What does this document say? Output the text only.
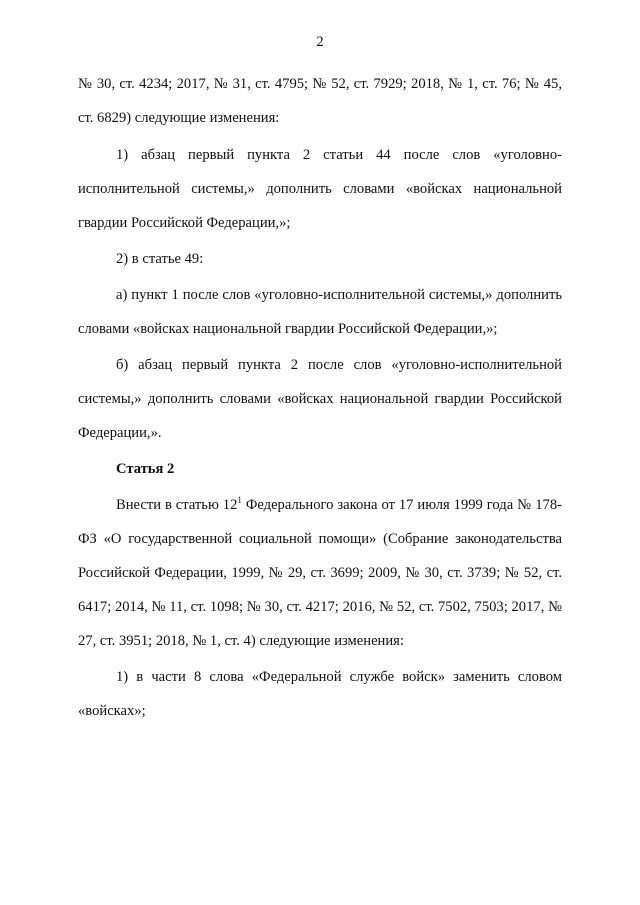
2

№ 30, ст. 4234; 2017, № 31, ст. 4795; № 52, ст. 7929; 2018, № 1, ст. 76; № 45, ст. 6829) следующие изменения:

1) абзац первый пункта 2 статьи 44 после слов «уголовно-исполнительной системы,» дополнить словами «войсках национальной гвардии Российской Федерации,»;

2) в статье 49:

а) пункт 1 после слов «уголовно-исполнительной системы,» дополнить словами «войсках национальной гвардии Российской Федерации,»;

б) абзац первый пункта 2 после слов «уголовно-исполнительной системы,» дополнить словами «войсках национальной гвардии Российской Федерации,».

Статья 2

Внести в статью $12^1$ Федерального закона от 17 июля 1999 года № 178-ФЗ «О государственной социальной помощи» (Собрание законодательства Российской Федерации, 1999, № 29, ст. 3699; 2009, № 30, ст. 3739; № 52, ст. 6417; 2014, № 11, ст. 1098; № 30, ст. 4217; 2016, № 52, ст. 7502, 7503; 2017, № 27, ст. 3951; 2018, № 1, ст. 4) следующие изменения:

1) в части 8 слова «Федеральной службе войск» заменить словом «войсках»;
